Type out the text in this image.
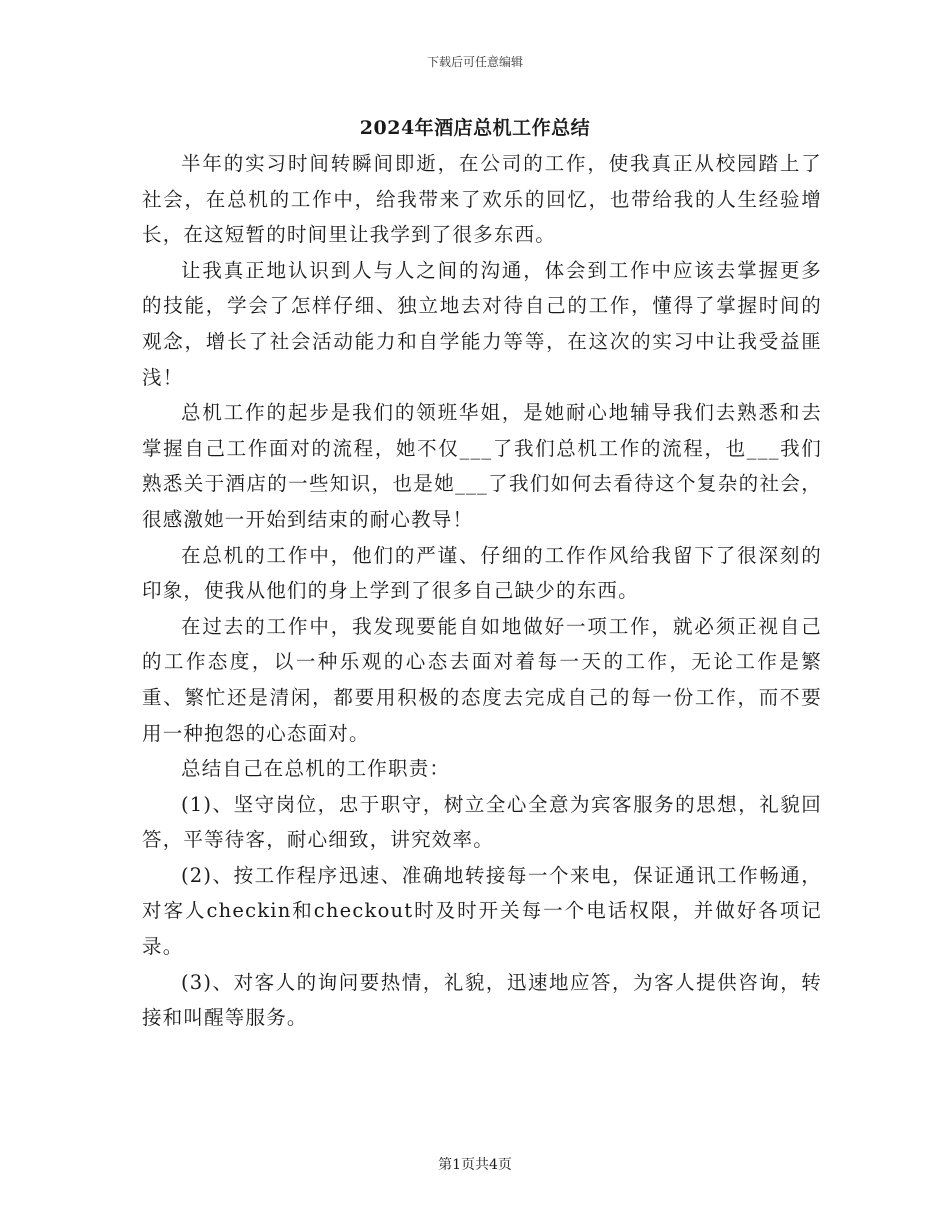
下载后可任意编辑
2024年酒店总机工作总结

半年的实习时间转瞬间即逝，在公司的工作，使我真正从校园踏上了社会，在总机的工作中，给我带来了欢乐的回忆，也带给我的人生经验增长，在这短暂的时间里让我学到了很多东西。

让我真正地认识到人与人之间的沟通，体会到工作中应该去掌握更多的技能，学会了怎样仔细、独立地去对待自己的工作，懂得了掌握时间的观念，增长了社会活动能力和自学能力等等，在这次的实习中让我受益匪浅！

总机工作的起步是我们的领班华姐，是她耐心地辅导我们去熟悉和去掌握自己工作面对的流程，她不仅___了我们总机工作的流程，也___我们熟悉关于酒店的一些知识，也是她___了我们如何去看待这个复杂的社会，很感激她一开始到结束的耐心教导！

在总机的工作中，他们的严谨、仔细的工作作风给我留下了很深刻的印象，使我从他们的身上学到了很多自己缺少的东西。

在过去的工作中，我发现要能自如地做好一项工作，就必须正视自己的工作态度，以一种乐观的心态去面对着每一天的工作，无论工作是繁重、繁忙还是清闲，都要用积极的态度去完成自己的每一份工作，而不要用一种抱怨的心态面对。

总结自己在总机的工作职责：

(1)、坚守岗位，忠于职守，树立全心全意为宾客服务的思想，礼貌回答，平等待客，耐心细致，讲究效率。

(2)、按工作程序迅速、准确地转接每一个来电，保证通讯工作畅通，对客人checkin和checkout时及时开关每一个电话权限，并做好各项记录。

(3)、对客人的询问要热情，礼貌，迅速地应答，为客人提供咨询，转接和叫醒等服务。

第1页共4页
